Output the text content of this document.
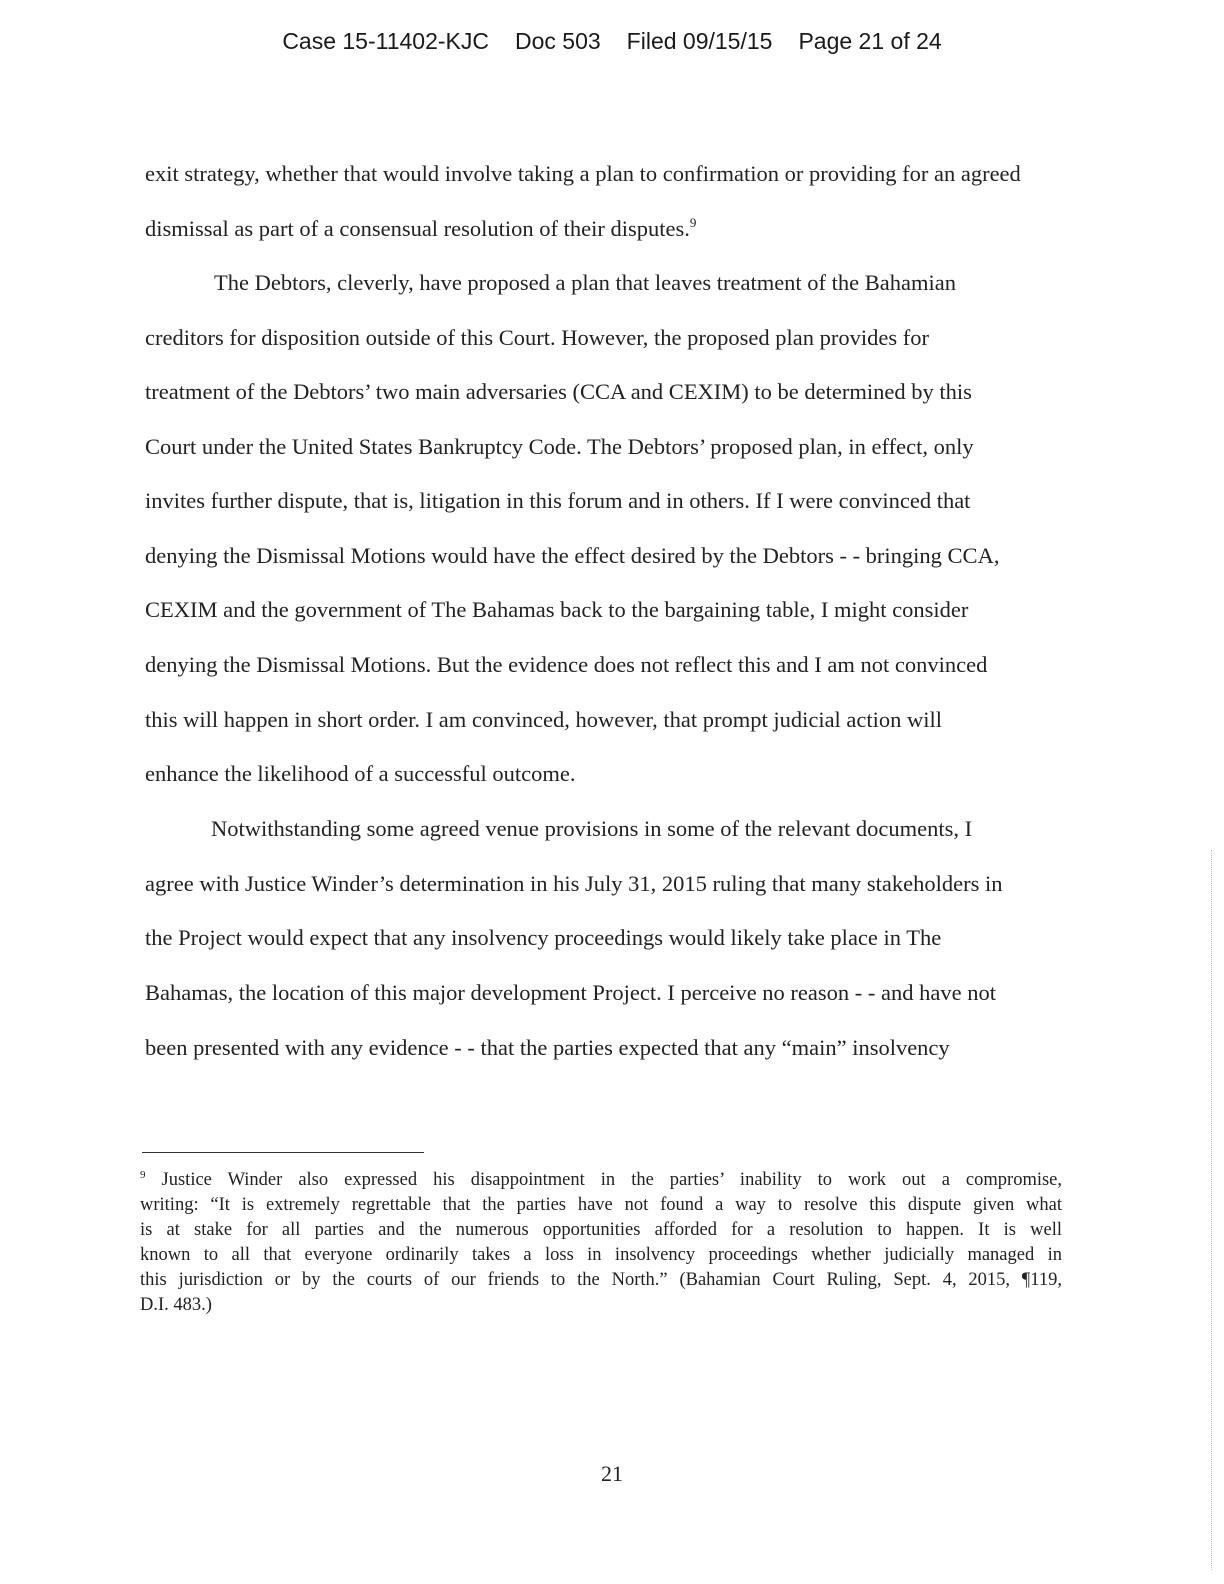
Case 15-11402-KJC Doc 503 Filed 09/15/15 Page 21 of 24
exit strategy, whether that would involve taking a plan to confirmation or providing for an agreed
dismissal as part of a consensual resolution of their disputes.$^9$
The Debtors, cleverly, have proposed a plan that leaves treatment of the Bahamian
creditors for disposition outside of this Court. However, the proposed plan provides for
treatment of the Debtors’ two main adversaries (CCA and CEXIM) to be determined by this
Court under the United States Bankruptcy Code. The Debtors’ proposed plan, in effect, only
invites further dispute, that is, litigation in this forum and in others. If I were convinced that
denying the Dismissal Motions would have the effect desired by the Debtors - - bringing CCA,
CEXIM and the government of The Bahamas back to the bargaining table, I might consider
denying the Dismissal Motions. But the evidence does not reflect this and I am not convinced
this will happen in short order. I am convinced, however, that prompt judicial action will
enhance the likelihood of a successful outcome.
Notwithstanding some agreed venue provisions in some of the relevant documents, I
agree with Justice Winder’s determination in his July 31, 2015 ruling that many stakeholders in
the Project would expect that any insolvency proceedings would likely take place in The
Bahamas, the location of this major development Project. I perceive no reason - - and have not
been presented with any evidence - - that the parties expected that any “main” insolvency
$^9$ Justice Winder also expressed his disappointment in the parties’ inability to work out a compromise,
writing: “It is extremely regrettable that the parties have not found a way to resolve this dispute given what
is at stake for all parties and the numerous opportunities afforded for a resolution to happen. It is well
known to all that everyone ordinarily takes a loss in insolvency proceedings whether judicially managed in
this jurisdiction or by the courts of our friends to the North.” (Bahamian Court Ruling, Sept. 4, 2015, ¶119,
D.I. 483.)
21
